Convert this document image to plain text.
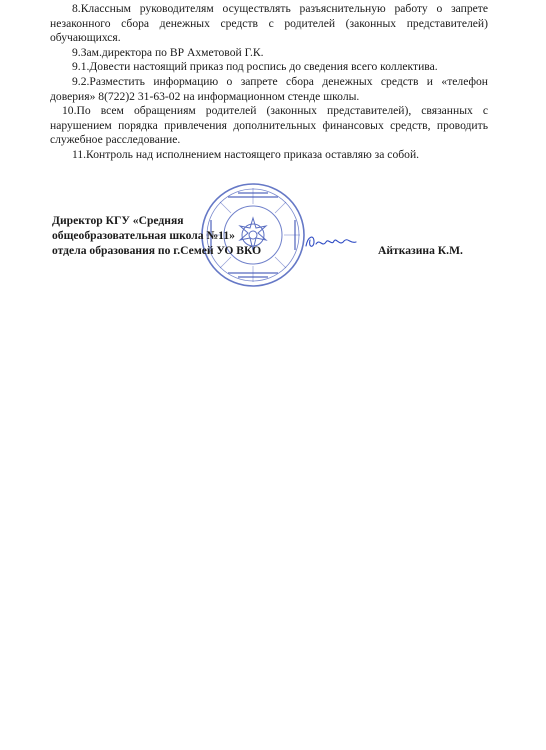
8.Классным руководителям осуществлять разъяснительную работу о запрете незаконного сбора денежных средств с родителей (законных представителей) обучающихся.

9.Зам.директора по ВР Ахметовой Г.К.

9.1.Довести настоящий приказ под роспись до сведения всего коллектива.

9.2.Разместить информацию о запрете сбора денежных средств и «телефон доверия» 8(722)2 31-63-02 на информационном стенде школы.

10.По всем обращениям родителей (законных представителей), связанных с нарушением порядка привлечения дополнительных финансовых средств, проводить служебное расследование.

11.Контроль над исполнением настоящего приказа оставляю за собой.

Директор КГУ «Средняя
общеобразовательная школа №11»
отдела образования по г.Семей УО ВКО	Айтказина К.М.
